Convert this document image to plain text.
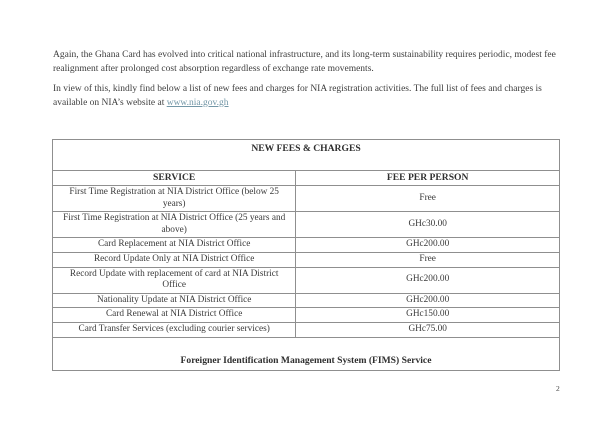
Again, the Ghana Card has evolved into critical national infrastructure, and its long-term sustainability requires periodic, modest fee realignment after prolonged cost absorption regardless of exchange rate movements.

In view of this, kindly find below a list of new fees and charges for NIA registration activities. The full list of fees and charges is available on NIA’s website at www.nia.gov.gh

NEW FEES & CHARGES	
SERVICE	FEE PER PERSON
First Time Registration at NIA District Office (below 25 years)	Free
First Time Registration at NIA District Office (25 years and above)	GHc30.00
Card Replacement at NIA District Office	GHc200.00
Record Update Only at NIA District Office	Free
Record Update with replacement of card at NIA District Office	GHc200.00
Nationality Update at NIA District Office	GHc200.00
Card Renewal at NIA District Office	GHc150.00
Card Transfer Services (excluding courier services)	GHc75.00
Foreigner Identification Management System (FIMS) Service	
2
